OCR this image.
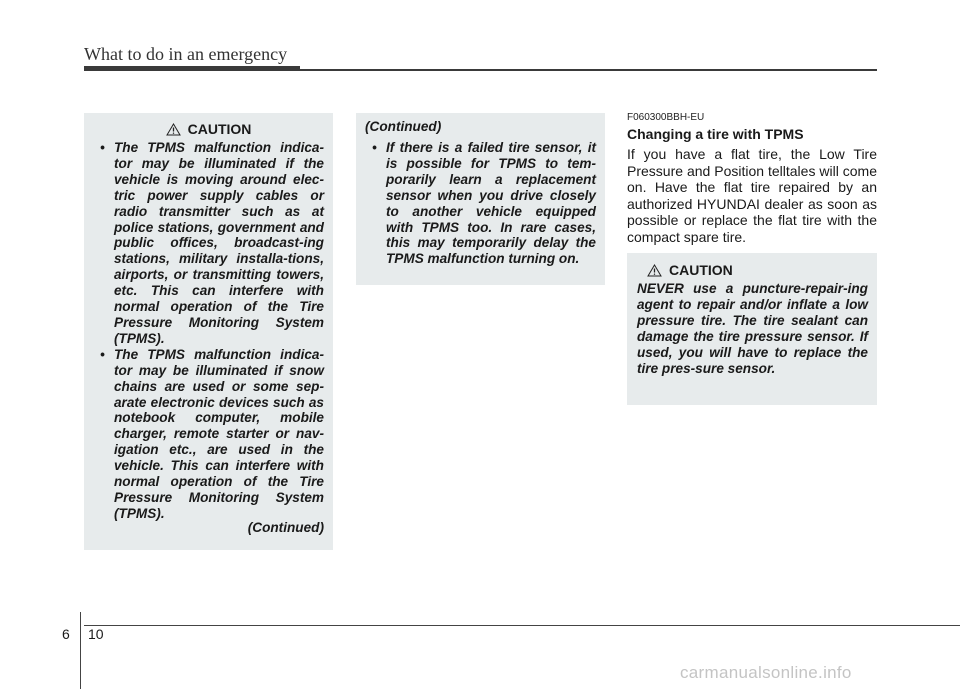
What to do in an emergency
CAUTION

• The TPMS malfunction indica-tor may be illuminated if the vehicle is moving around elec-tric power supply cables or radio transmitter such as at police stations, government and public offices, broadcast-ing stations, military installa-tions, airports, or transmitting towers, etc. This can interfere with normal operation of the Tire Pressure Monitoring System (TPMS).

• The TPMS malfunction indica-tor may be illuminated if snow chains are used or some sep-arate electronic devices such as notebook computer, mobile charger, remote starter or nav-igation etc., are used in the vehicle. This can interfere with normal operation of the Tire Pressure Monitoring System (TPMS).

(Continued)

(Continued)

• If there is a failed tire sensor, it is possible for TPMS to tem-porarily learn a replacement sensor when you drive closely to another vehicle equipped with TPMS too. In rare cases, this may temporarily delay the TPMS malfunction turning on.

F060300BBH-EU
Changing a tire with TPMS

If you have a flat tire, the Low Tire Pressure and Position telltales will come on. Have the flat tire repaired by an authorized HYUNDAI dealer as soon as possible or replace the flat tire with the compact spare tire.

CAUTION

NEVER use a puncture-repair-ing agent to repair and/or inflate a low pressure tire. The tire sealant can damage the tire pressure sensor. If used, you will have to replace the tire pres-sure sensor.

6 10
carmanualsonline.info
